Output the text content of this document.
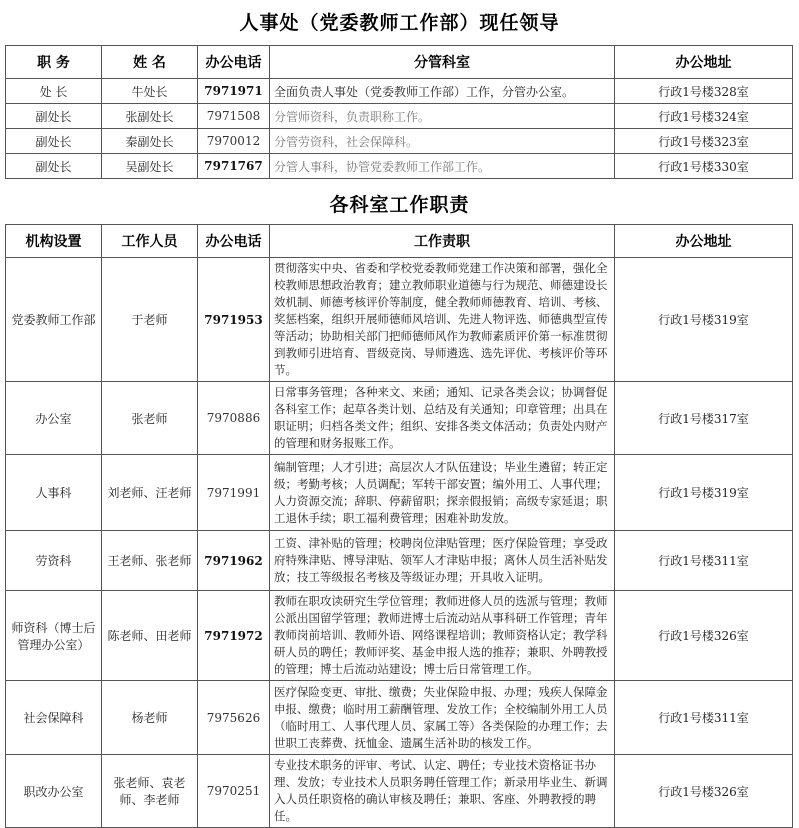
人事处（党委教师工作部）现任领导
职 务	姓 名	办公电话	分管科室	办公地址
处 长	牛处长	7971971	全面负责人事处（党委教师工作部）工作，分管办公室。	行政1号楼328室
副处长	张副处长	7971508	分管师资科，负责职称工作。	行政1号楼324室
副处长	秦副处长	7970012	分管劳资科，社会保障科。	行政1号楼323室
副处长	吴副处长	7971767	分管人事科，协管党委教师工作部工作。	行政1号楼330室
各科室工作职责
机构设置	工作人员	办公电话	工作责职	办公地址
党委教师工作部	于老师	7971953	贯彻落实中央、省委和学校党委教师党建工作决策和部署，强化全校教师思想政治教育；建立教师职业道德与行为规范、师德建设长效机制、师德考核评价等制度，健全教师师德教育、培训、考核、奖惩档案，组织开展师德师风培训、先进人物评选、师德典型宣传等活动；协助相关部门把师德师风作为教师素质评价第一标准贯彻到教师引进培育、晋级竞岗、导师遴选、选先评优、考核评价等环节。	行政1号楼319室
办公室	张老师	7970886	日常事务管理；各种来文、来函；通知、记录各类会议；协调督促各科室工作；起草各类计划、总结及有关通知；印章管理；出具在职证明；归档各类文件；组织、安排各类文体活动；负责处内财产的管理和财务报账工作。	行政1号楼317室
人事科	刘老师、汪老师	7971991	编制管理；人才引进；高层次人才队伍建设；毕业生遴留；转正定级；考勤考核；人员调配；军转干部安置；编外用工、人事代理；人力资源交流；辞职、停薪留职；探亲假报销；高级专家延退；职工退休手续；职工福利费管理；困难补助发放。	行政1号楼319室
劳资科	王老师、张老师	7971962	工资、津补贴的管理；校聘岗位津贴管理；医疗保险管理；享受政府特殊津贴、博导津贴、领军人才津贴申报；离休人员生活补贴发放；技工等级报名考核及等级证办理；开具收入证明。	行政1号楼311室
师资科（博士后管理办公室）	陈老师、田老师	7971972	教师在职攻读研究生学位管理；教师进修人员的选派与管理；教师公派出国留学管理；教师进博士后流动站从事科研工作管理；青年教师岗前培训、教师外语、网络课程培训；教师资格认定；教学科研人员的聘任；教师评奖、基金申报人选的推荐；兼职、外聘教授的管理；博士后流动站建设；博士后日常管理工作。	行政1号楼326室
社会保障科	杨老师	7975626	医疗保险变更、审批、缴费；失业保险申报、办理；残疾人保障金申报、缴费；临时用工薪酬管理、发放工作；全校编制外用工人员（临时用工、人事代理人员、家属工等）各类保险的办理工作；去世职工丧葬费、抚恤金、遗属生活补助的核发工作。	行政1号楼311室
职改办公室	张老师、袁老师、李老师	7970251	专业技术职务的评审、考试、认定、聘任；专业技术资格证书办理、发放；专业技术人员职务聘任管理工作；新录用毕业生、新调入人员任职资格的确认审核及聘任；兼职、客座、外聘教授的聘任。	行政1号楼326室
